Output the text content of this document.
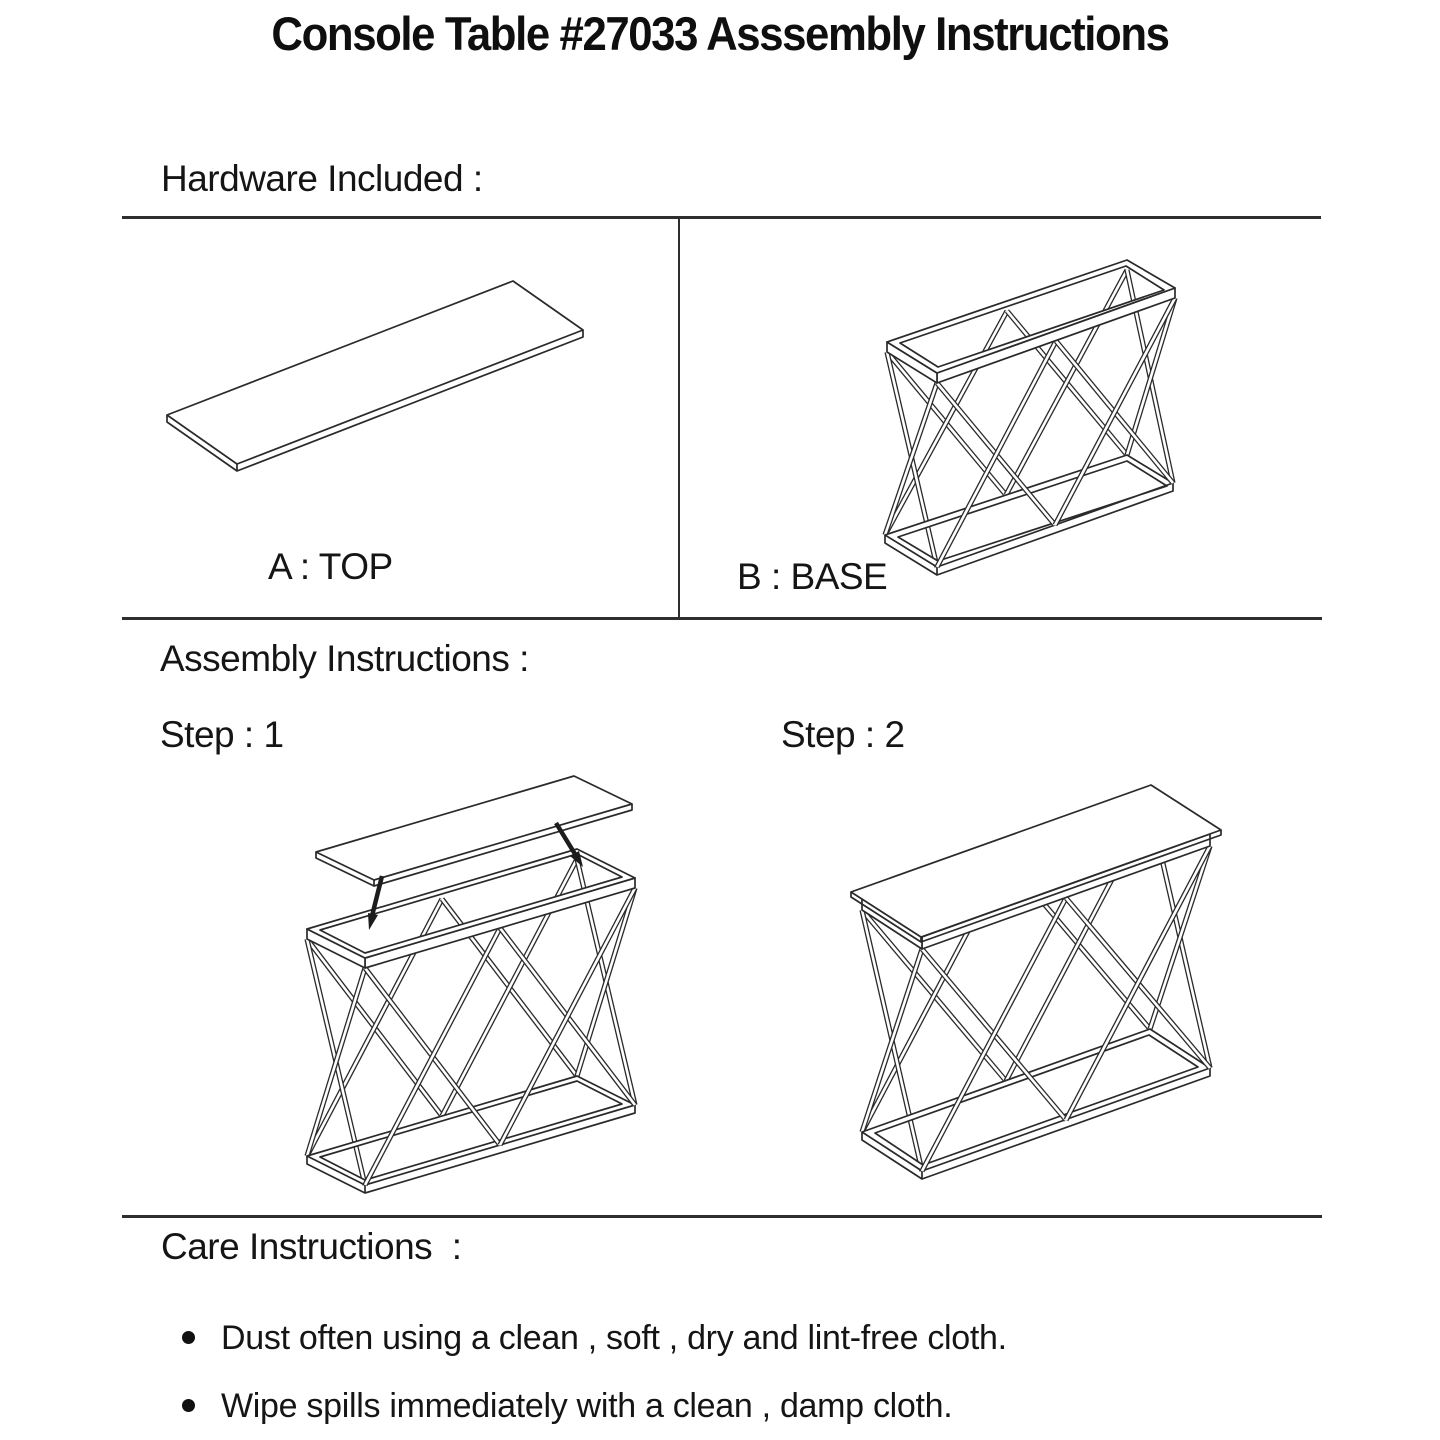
Console Table #27033 Asssembly Instructions
Hardware Included :
A : TOP	B : BASE
Assembly Instructions :
Step : 1	Step : 2
Care Instructions  :
Dust often using a clean , soft , dry and lint-free cloth.
Wipe spills immediately with a clean , damp cloth.
